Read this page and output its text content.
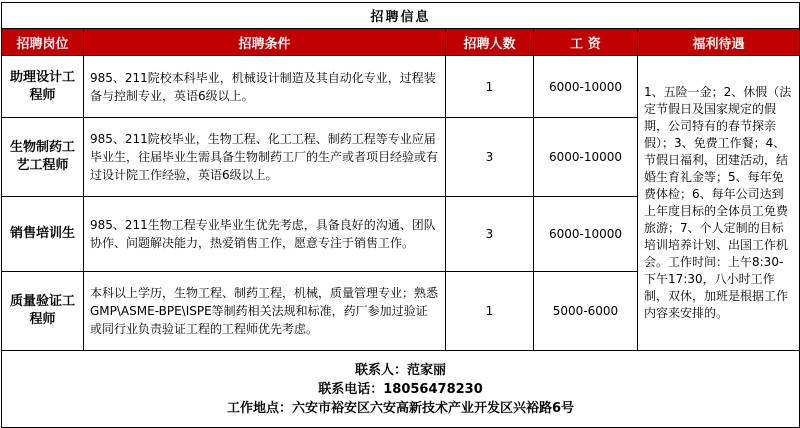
招聘信息				
招聘岗位	招聘条件	招聘人数	工 资	福利待遇
助理设计工程师	985、211院校本科毕业，机械设计制造及其自动化专业，过程装备与控制专业，英语6级以上。	1	6000-10000	1、五险一金；2、休假（法定节假日及国家规定的假期，公司特有的春节探亲假）；3、免费工作餐；4、节假日福利，团建活动，结婚生育礼金等；5、每年免费体检；6、每年公司达到上年度目标的全体员工免费旅游；7、个人定制的目标培训培养计划、出国工作机会。工作时间：上午8:30-下午17:30，八小时工作制，双休，加班是根据工作内容来安排的。
生物制药工艺工程师	985、211院校毕业，生物工程、化工工程、制药工程等专业应届毕业生，往届毕业生需具备生物制药工厂的生产或者项目经验或有过设计院工作经验，英语6级以上。	3	6000-10000	
销售培训生	985、211生物工程专业毕业生优先考虑，具备良好的沟通、团队协作、问题解决能力，热爱销售工作，愿意专注于销售工作。	3	6000-10000	
质量验证工程师	本科以上学历，生物工程、制药工程，机械，质量管理专业；熟悉GMP\ASME-BPE\ISPE等制药相关法规和标准，药厂参加过验证或同行业负责验证工程的工程师优先考虑。	1	5000-6000	

联系人：范家丽
联系电话：18056478230
工作地点：六安市裕安区六安高新技术产业开发区兴裕路6号				
